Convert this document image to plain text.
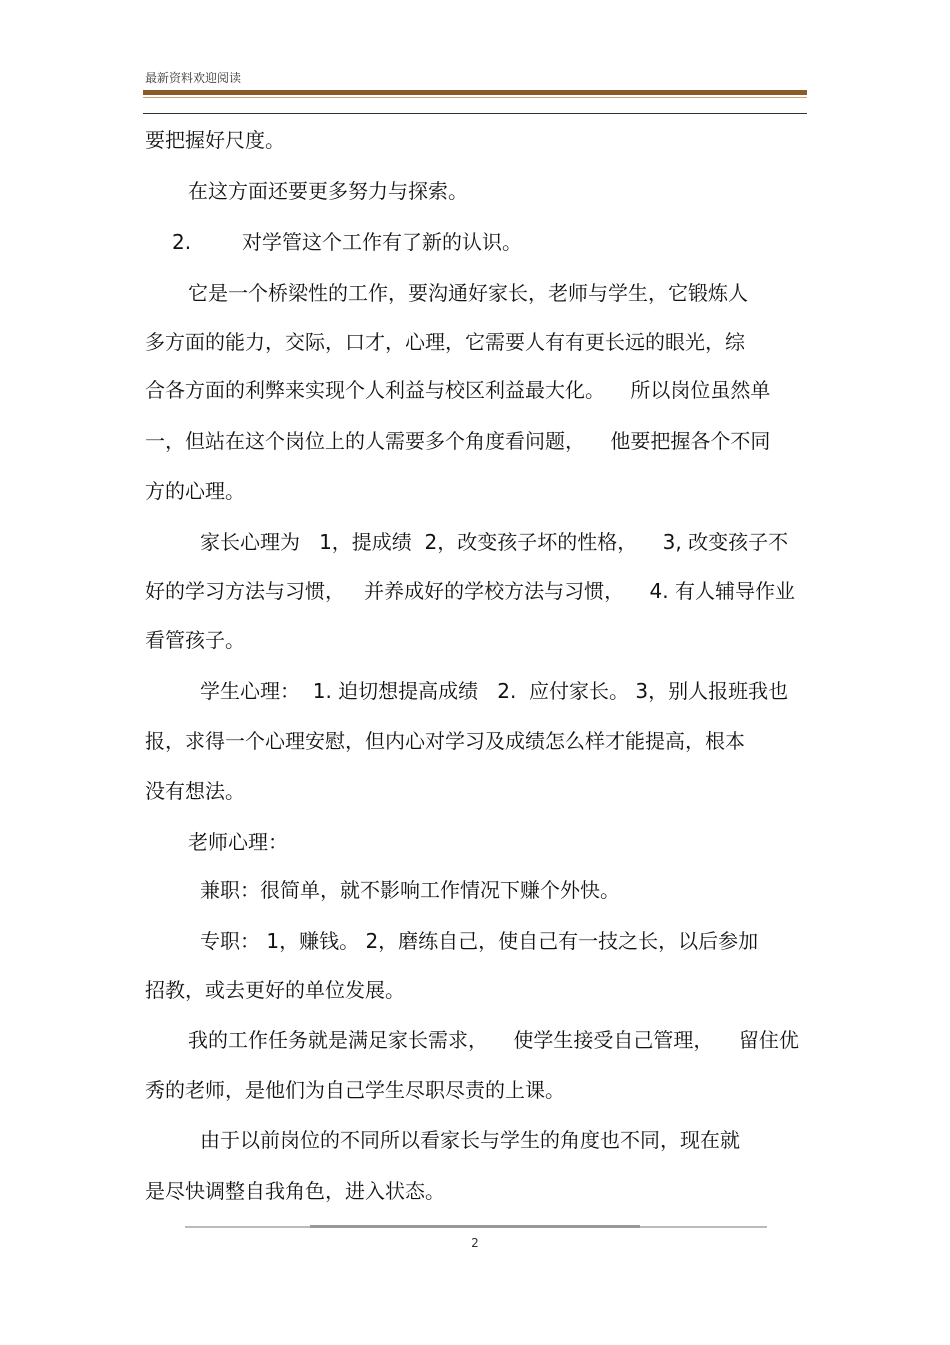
最新资料欢迎阅读
要把握好尺度。
在这方面还要更多努力与探索。
2.        对学管这个工作有了新的认识。
它是一个桥梁性的工作，要沟通好家长，老师与学生，它锻炼人
多方面的能力，交际，口才，心理，它需要人有有更长远的眼光，综
合各方面的利弊来实现个人利益与校区利益最大化。    所以岗位虽然单
一，但站在这个岗位上的人需要多个角度看问题，    他要把握各个不同
方的心理。
家长心理为   1，提成绩  2，改变孩子坏的性格，    3, 改变孩子不
好的学习方法与习惯，   并养成好的学校方法与习惯，    4. 有人辅导作业
看管孩子。
学生心理：  1. 迫切想提高成绩   2.  应付家长。 3，别人报班我也
报，求得一个心理安慰，但内心对学习及成绩怎么样才能提高，根本
没有想法。
老师心理：
兼职：很简单，就不影响工作情况下赚个外快。
专职： 1，赚钱。 2，磨练自己，使自己有一技之长，以后参加
招教，或去更好的单位发展。
我的工作任务就是满足家长需求，    使学生接受自己管理，    留住优
秀的老师，是他们为自己学生尽职尽责的上课。
由于以前岗位的不同所以看家长与学生的角度也不同，现在就
是尽快调整自我角色，进入状态。
2
